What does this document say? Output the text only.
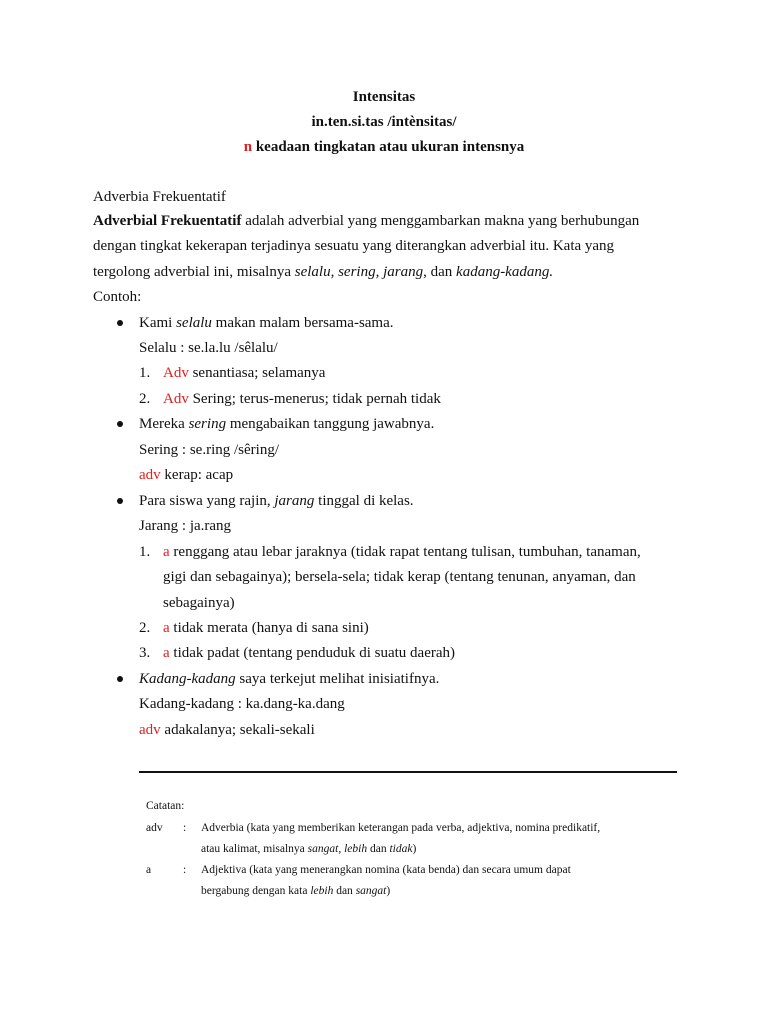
Intensitas
in.ten.si.tas /intènsitas/
n keadaan tingkatan atau ukuran intensnya
Adverbia Frekuentatif
Adverbial Frekuentatif adalah adverbial yang menggambarkan makna yang berhubungan
dengan tingkat kekerapan terjadinya sesuatu yang diterangkan adverbial itu. Kata yang
tergolong adverbial ini, misalnya selalu, sering, jarang, dan kadang-kadang.
Contoh:
Kami selalu makan malam bersama-sama.
Selalu : se.la.lu /sêlalu/
1. Adv senantiasa; selamanya
2. Adv Sering; terus-menerus; tidak pernah tidak
Mereka sering mengabaikan tanggung jawabnya.
Sering : se.ring /sêring/
adv kerap: acap
Para siswa yang rajin, jarang tinggal di kelas.
Jarang : ja.rang
1. a renggang atau lebar jaraknya (tidak rapat tentang tulisan, tumbuhan, tanaman,
gigi dan sebagainya); bersela-sela; tidak kerap (tentang tenunan, anyaman, dan
sebagainya)
2. a tidak merata (hanya di sana sini)
3. a tidak padat (tentang penduduk di suatu daerah)
Kadang-kadang saya terkejut melihat inisiatifnya.
Kadang-kadang : ka.dang-ka.dang
adv adakalanya; sekali-sekali
Catatan:
adv : Adverbia (kata yang memberikan keterangan pada verba, adjektiva, nomina predikatif,
atau kalimat, misalnya sangat, lebih dan tidak)
a	: Adjektiva (kata yang menerangkan nomina (kata benda) dan secara umum dapat
bergabung dengan kata lebih dan sangat)
